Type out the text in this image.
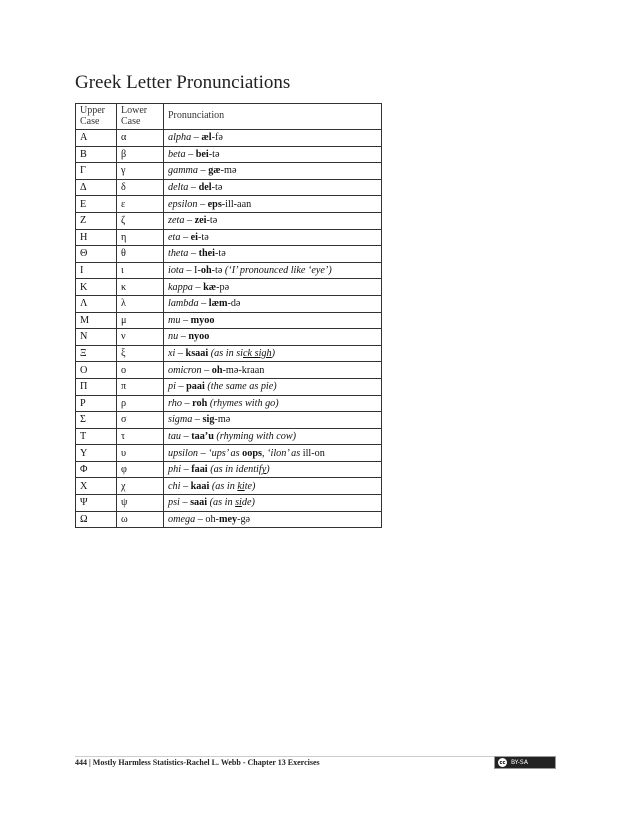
Greek Letter Pronunciations
Upper Case	Lower Case	Pronunciation
Α	α	alpha – æl-fə
Β	β	beta – bei-tə
Γ	γ	gamma – gæ-mə
Δ	δ	delta – del-tə
Ε	ε	epsilon – eps-ill-aan
Ζ	ζ	zeta – zei-tə
Η	η	eta – ei-tə
Θ	θ	theta – thei-tə
Ι	ι	iota – I-oh-tə (‘I’ pronounced like ‘eye’)
Κ	κ	kappa – kæ-pə
Λ	λ	lambda – læm-də
Μ	μ	mu – myoo
Ν	ν	nu – nyoo
Ξ	ξ	xi – ksaai (as in sick sigh)
Ο	ο	omicron – oh-mə-kraan
Π	π	pi – paai (the same as pie)
Ρ	ρ	rho – roh (rhymes with go)
Σ	σ	sigma – sig-mə
Τ	τ	tau – taa’u (rhyming with cow)
Υ	υ	upsilon – ‘ups’ as oops, ‘ilon’ as ill-on
Φ	φ	phi – faai (as in identify)
Χ	χ	chi – kaai (as in kite)
Ψ	ψ	psi – saai (as in side)
Ω	ω	omega – oh-mey-gə
444 | Mostly Harmless Statistics-Rachel L. Webb - Chapter 13 Exercises	cc BY-SA
